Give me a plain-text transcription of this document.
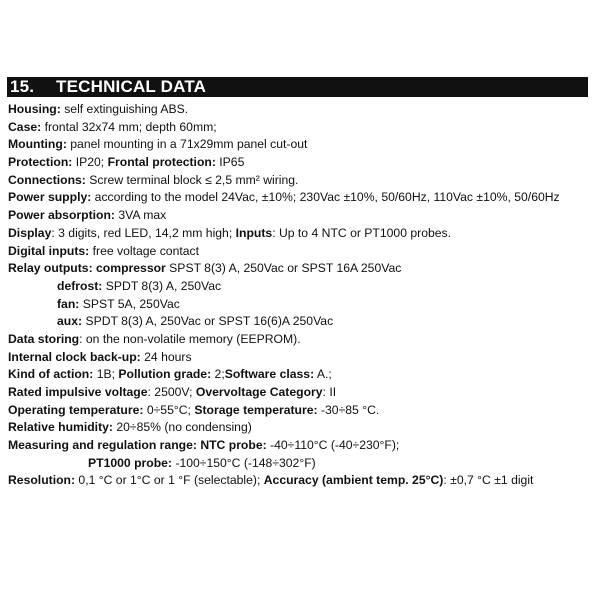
15. TECHNICAL DATA
Housing: self extinguishing ABS.
Case: frontal 32x74 mm; depth 60mm;
Mounting: panel mounting in a 71x29mm panel cut-out
Protection: IP20; Frontal protection: IP65
Connections: Screw terminal block ≤ 2,5 mm² wiring.
Power supply: according to the model 24Vac, ±10%; 230Vac ±10%, 50/60Hz, 110Vac ±10%, 50/60Hz
Power absorption: 3VA max
Display: 3 digits, red LED, 14,2 mm high; Inputs: Up to 4 NTC or PT1000 probes.
Digital inputs: free voltage contact
Relay outputs: compressor SPST 8(3) A, 250Vac or SPST 16A 250Vac
defrost: SPDT 8(3) A, 250Vac
fan: SPST 5A, 250Vac
aux: SPDT 8(3) A, 250Vac or SPST 16(6)A 250Vac
Data storing: on the non-volatile memory (EEPROM).
Internal clock back-up: 24 hours
Kind of action: 1B; Pollution grade: 2;Software class: A.;
Rated impulsive voltage: 2500V; Overvoltage Category: II
Operating temperature: 0÷55°C; Storage temperature: -30÷85 °C.
Relative humidity: 20÷85% (no condensing)
Measuring and regulation range: NTC probe: -40÷110°C (-40÷230°F);
PT1000 probe: -100÷150°C (-148÷302°F)
Resolution: 0,1 °C or 1°C or 1 °F (selectable); Accuracy (ambient temp. 25°C): ±0,7 °C ±1 digit
